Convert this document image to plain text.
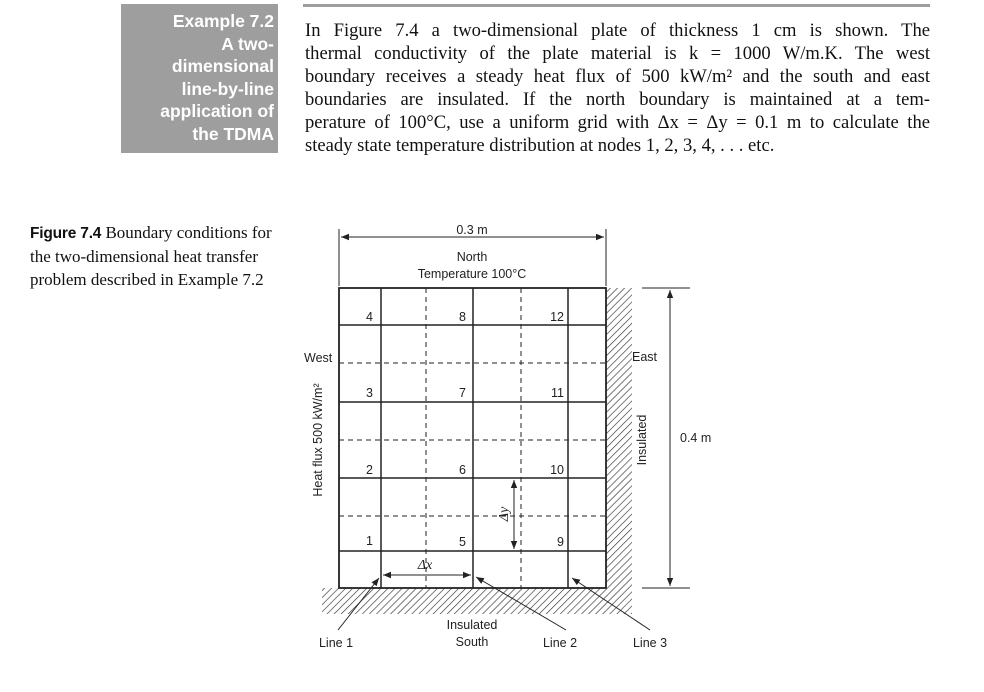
Example 7.2
A two-
dimensional
line-by-line
application of
the TDMA
In Figure 7.4 a two-dimensional plate of thickness 1 cm is shown. The
thermal conductivity of the plate material is k = 1000 W/m.K. The west
boundary receives a steady heat flux of 500 kW/m² and the south and east
boundaries are insulated. If the north boundary is maintained at a tem-
perature of 100°C, use a uniform grid with Δx = Δy = 0.1 m to calculate the
steady state temperature distribution at nodes 1, 2, 3, 4, . . . etc.
Figure 7.4 Boundary conditions for the two-dimensional heat transfer problem described in Example 7.2
0.3 m
North
Temperature 100°C
West	East
Heat flux 500 kW/m²	Insulated 0.4 m
Insulated
South
Δx
Δy
Line 1	Line 2	Line 3
1
2
3
4
5
6
7
8
9
10
11
12
